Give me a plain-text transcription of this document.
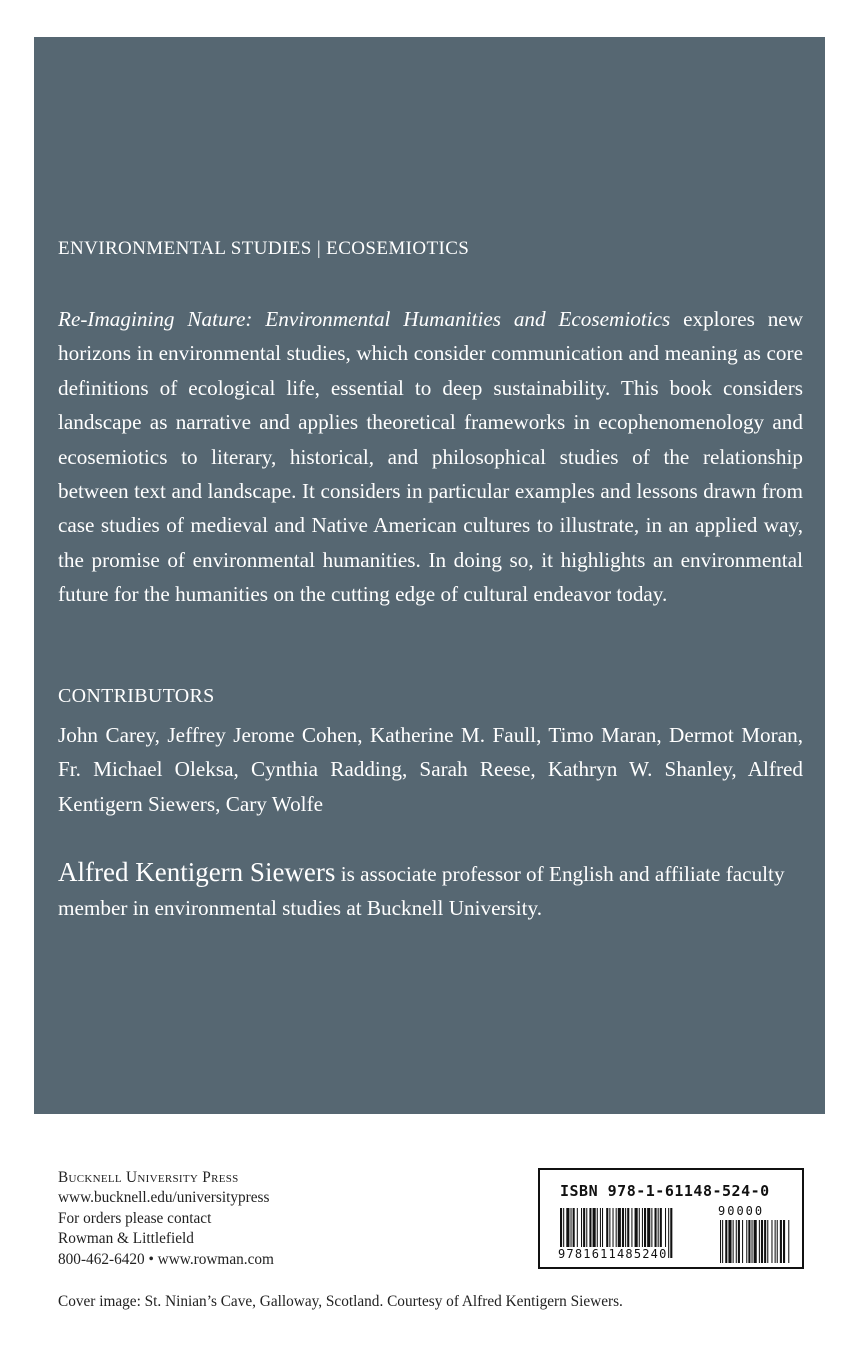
ENVIRONMENTAL STUDIES | ECOSEMIOTICS
Re-Imagining Nature: Environmental Humanities and Ecosemiotics explores new horizons in environmental studies, which consider communication and meaning as core definitions of ecological life, essential to deep sustainability. This book considers landscape as narrative and applies theoretical frameworks in ecophenomenology and ecosemiotics to literary, historical, and philosophical studies of the relationship between text and landscape. It considers in particular examples and lessons drawn from case studies of medieval and Native American cultures to illustrate, in an applied way, the promise of environmental humanities. In doing so, it highlights an environmental future for the humanities on the cutting edge of cultural endeavor today.
CONTRIBUTORS
John Carey, Jeffrey Jerome Cohen, Katherine M. Faull, Timo Maran, Dermot Moran, Fr. Michael Oleksa, Cynthia Radding, Sarah Reese, Kathryn W. Shanley, Alfred Kentigern Siewers, Cary Wolfe
Alfred Kentigern Siewers is associate professor of English and affiliate faculty member in environmental studies at Bucknell University.
Bucknell University Press
www.bucknell.edu/universitypress
For orders please contact
Rowman & Littlefield
800-462-6420 • www.rowman.com
ISBN 978-1-61148-524-0
90000
9781611485240
Cover image: St. Ninian’s Cave, Galloway, Scotland. Courtesy of Alfred Kentigern Siewers.
